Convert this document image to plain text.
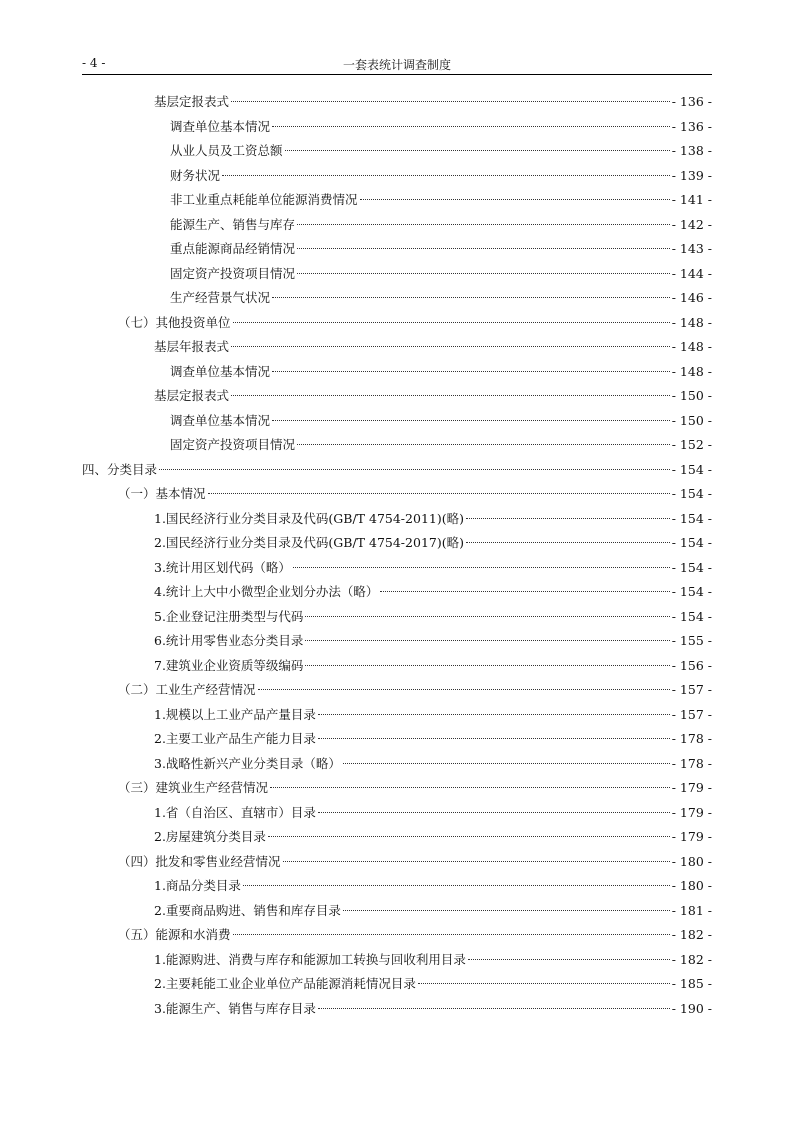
- 4 -	一套表统计调查制度
基层定报表式	- 136 -
调查单位基本情况	- 136 -
从业人员及工资总额	- 138 -
财务状况	- 139 -
非工业重点耗能单位能源消费情况	- 141 -
能源生产、销售与库存	- 142 -
重点能源商品经销情况	- 143 -
固定资产投资项目情况	- 144 -
生产经营景气状况	- 146 -
（七）其他投资单位	- 148 -
基层年报表式	- 148 -
调查单位基本情况	- 148 -
基层定报表式	- 150 -
调查单位基本情况	- 150 -
固定资产投资项目情况	- 152 -
四、分类目录	- 154 -
（一）基本情况	- 154 -
1.国民经济行业分类目录及代码(GB/T 4754-2011)(略)	- 154 -
2.国民经济行业分类目录及代码(GB/T 4754-2017)(略)	- 154 -
3.统计用区划代码（略）	- 154 -
4.统计上大中小微型企业划分办法（略）	- 154 -
5.企业登记注册类型与代码	- 154 -
6.统计用零售业态分类目录	- 155 -
7.建筑业企业资质等级编码	- 156 -
（二）工业生产经营情况	- 157 -
1.规模以上工业产品产量目录	- 157 -
2.主要工业产品生产能力目录	- 178 -
3.战略性新兴产业分类目录（略）	- 178 -
（三）建筑业生产经营情况	- 179 -
1.省（自治区、直辖市）目录	- 179 -
2.房屋建筑分类目录	- 179 -
（四）批发和零售业经营情况	- 180 -
1.商品分类目录	- 180 -
2.重要商品购进、销售和库存目录	- 181 -
（五）能源和水消费	- 182 -
1.能源购进、消费与库存和能源加工转换与回收利用目录	- 182 -
2.主要耗能工业企业单位产品能源消耗情况目录	- 185 -
3.能源生产、销售与库存目录	- 190 -
